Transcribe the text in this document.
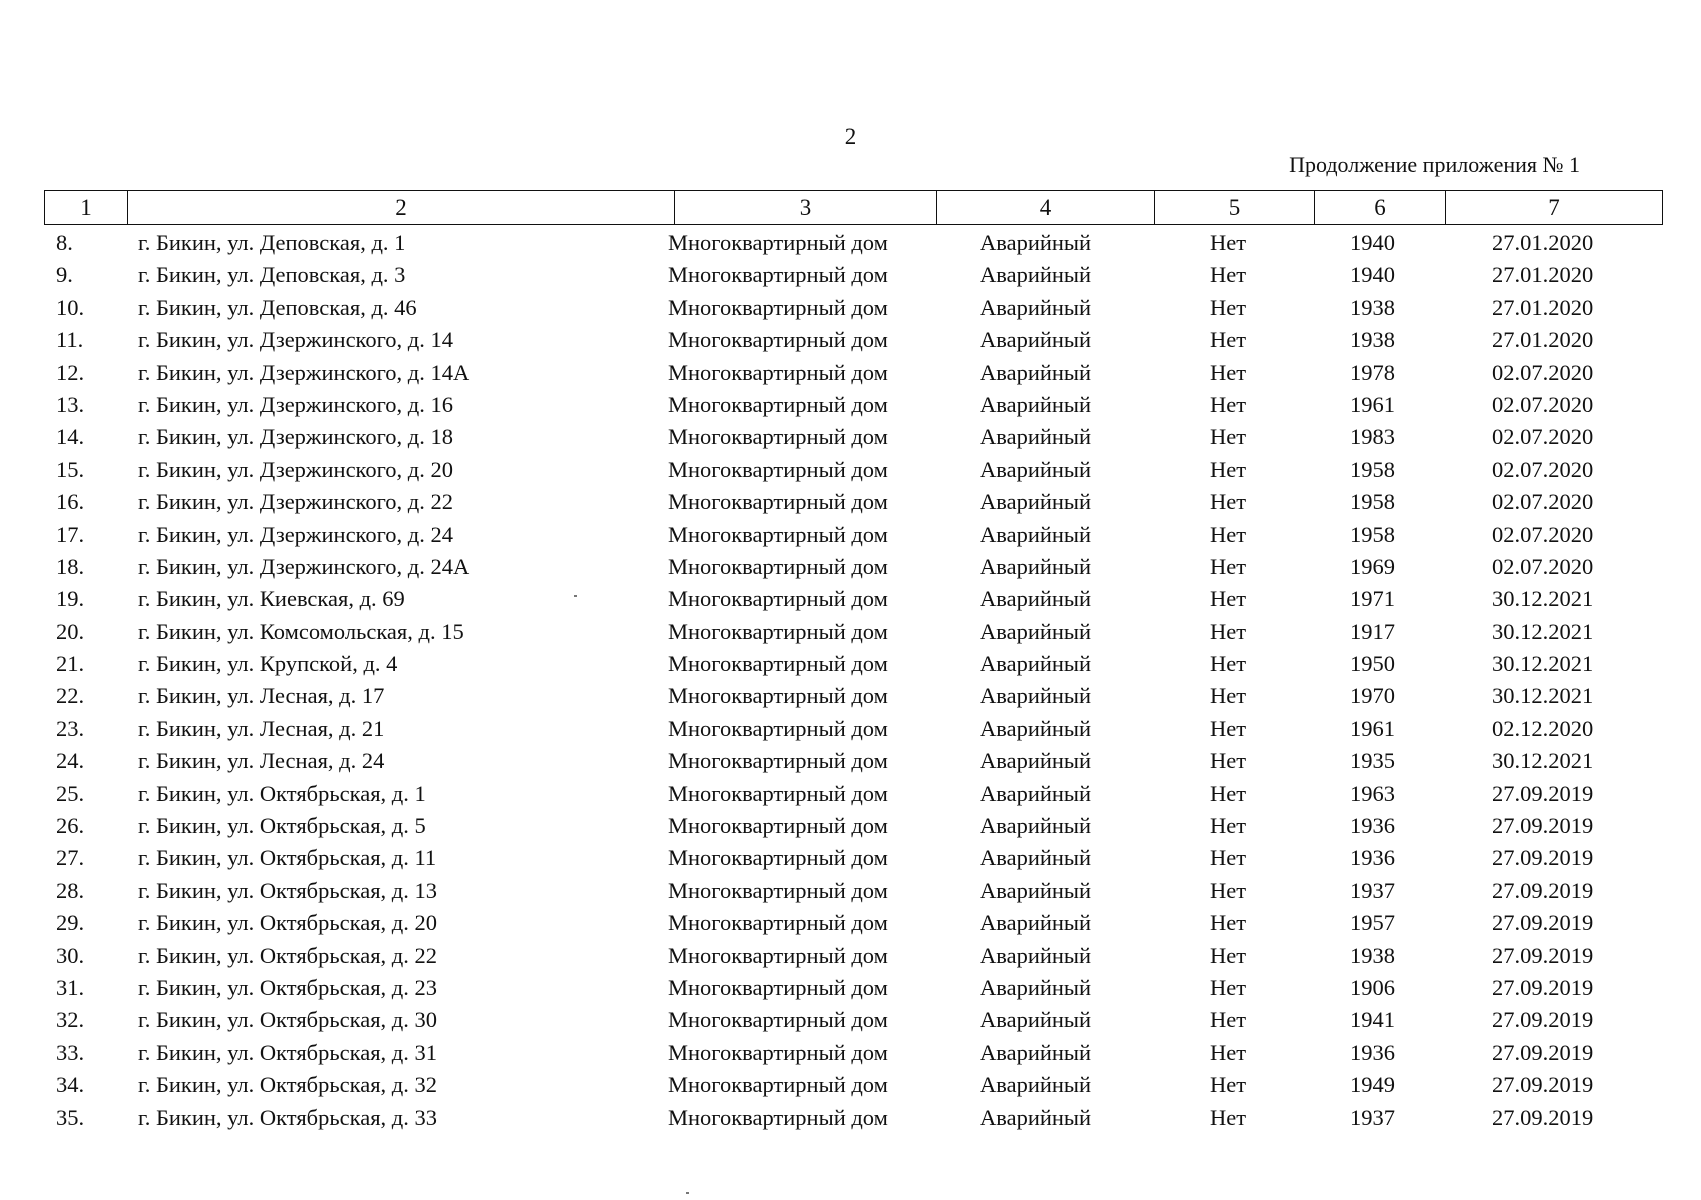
2
Продолжение приложения № 1
1	2	3	4	5	6	7
8.	г. Бикин, ул. Деповская, д. 1	Многоквартирный дом	Аварийный	Нет	1940	27.01.2020
9.	г. Бикин, ул. Деповская, д. 3	Многоквартирный дом	Аварийный	Нет	1940	27.01.2020
10. г. Бикин, ул. Деповская, д. 46	Многоквартирный дом	Аварийный	Нет	1938	27.01.2020
11. г. Бикин, ул. Дзержинского, д. 14	Многоквартирный дом	Аварийный	Нет	1938	27.01.2020
12. г. Бикин, ул. Дзержинского, д. 14А	Многоквартирный дом	Аварийный	Нет	1978	02.07.2020
13. г. Бикин, ул. Дзержинского, д. 16	Многоквартирный дом	Аварийный	Нет	1961	02.07.2020
14. г. Бикин, ул. Дзержинского, д. 18	Многоквартирный дом	Аварийный	Нет	1983	02.07.2020
15. г. Бикин, ул. Дзержинского, д. 20	Многоквартирный дом	Аварийный	Нет	1958	02.07.2020
16. г. Бикин, ул. Дзержинского, д. 22	Многоквартирный дом	Аварийный	Нет	1958	02.07.2020
17. г. Бикин, ул. Дзержинского, д. 24	Многоквартирный дом	Аварийный	Нет	1958	02.07.2020
18. г. Бикин, ул. Дзержинского, д. 24А	Многоквартирный дом	Аварийный	Нет	1969	02.07.2020
19. г. Бикин, ул. Киевская, д. 69	Многоквартирный дом	Аварийный	Нет	1971	30.12.2021
20. г. Бикин, ул. Комсомольская, д. 15	Многоквартирный дом	Аварийный	Нет	1917	30.12.2021
21. г. Бикин, ул. Крупской, д. 4	Многоквартирный дом	Аварийный	Нет	1950	30.12.2021
22. г. Бикин, ул. Лесная, д. 17	Многоквартирный дом	Аварийный	Нет	1970	30.12.2021
23. г. Бикин, ул. Лесная, д. 21	Многоквартирный дом	Аварийный	Нет	1961	02.12.2020
24. г. Бикин, ул. Лесная, д. 24	Многоквартирный дом	Аварийный	Нет	1935	30.12.2021
25. г. Бикин, ул. Октябрьская, д. 1	Многоквартирный дом	Аварийный	Нет	1963	27.09.2019
26. г. Бикин, ул. Октябрьская, д. 5	Многоквартирный дом	Аварийный	Нет	1936	27.09.2019
27. г. Бикин, ул. Октябрьская, д. 11	Многоквартирный дом	Аварийный	Нет	1936	27.09.2019
28. г. Бикин, ул. Октябрьская, д. 13	Многоквартирный дом	Аварийный	Нет	1937	27.09.2019
29. г. Бикин, ул. Октябрьская, д. 20	Многоквартирный дом	Аварийный	Нет	1957	27.09.2019
30. г. Бикин, ул. Октябрьская, д. 22	Многоквартирный дом	Аварийный	Нет	1938	27.09.2019
31. г. Бикин, ул. Октябрьская, д. 23	Многоквартирный дом	Аварийный	Нет	1906	27.09.2019
32. г. Бикин, ул. Октябрьская, д. 30	Многоквартирный дом	Аварийный	Нет	1941	27.09.2019
33. г. Бикин, ул. Октябрьская, д. 31	Многоквартирный дом	Аварийный	Нет	1936	27.09.2019
34. г. Бикин, ул. Октябрьская, д. 32	Многоквартирный дом	Аварийный	Нет	1949	27.09.2019
35. г. Бикин, ул. Октябрьская, д. 33	Многоквартирный дом	Аварийный	Нет	1937	27.09.2019
